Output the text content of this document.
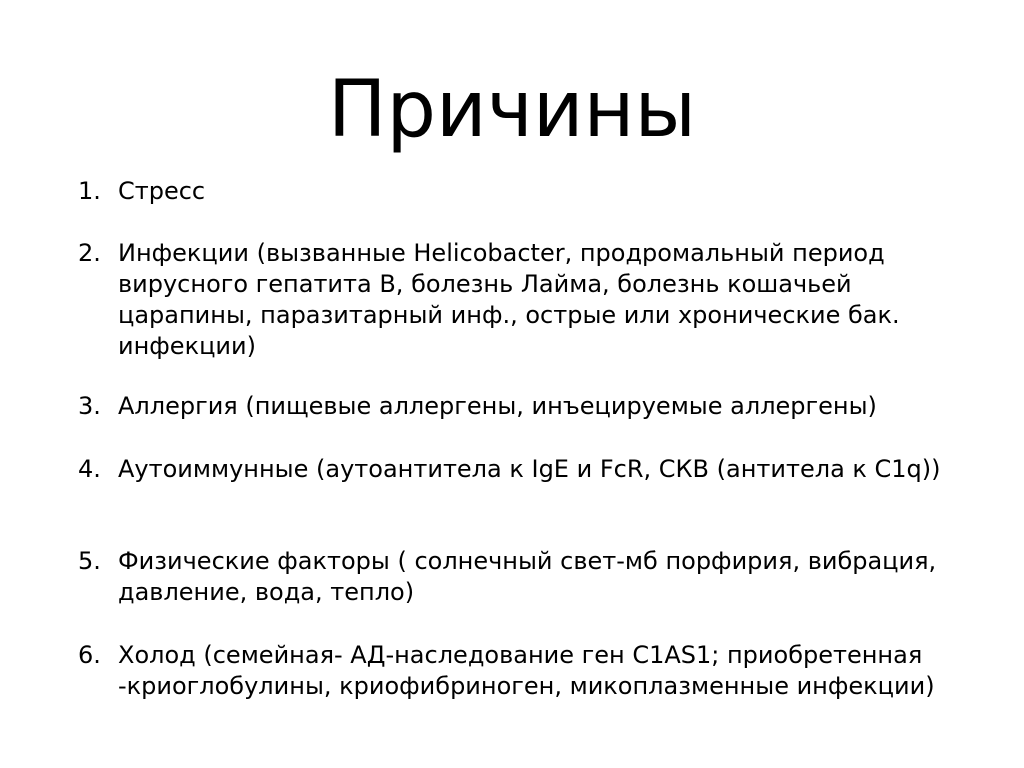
Причины
1. Стресс
2. Инфекции (вызванные Helicobacter, продромальный период вирусного гепатита В, болезнь Лайма, болезнь кошачьей царапины, паразитарный инф., острые или хронические бак. инфекции)
3. Аллергия (пищевые аллергены, инъецируемые аллергены)
4. Аутоиммунные (аутоантитела к IgE и FcR, СКВ (антитела к C1q))
5. Физические факторы ( солнечный свет-мб порфирия, вибрация, давление, вода, тепло)
6. Холод (семейная- АД-наследование ген C1AS1; приобретенная -криоглобулины, криофибриноген, микоплазменные инфекции)
